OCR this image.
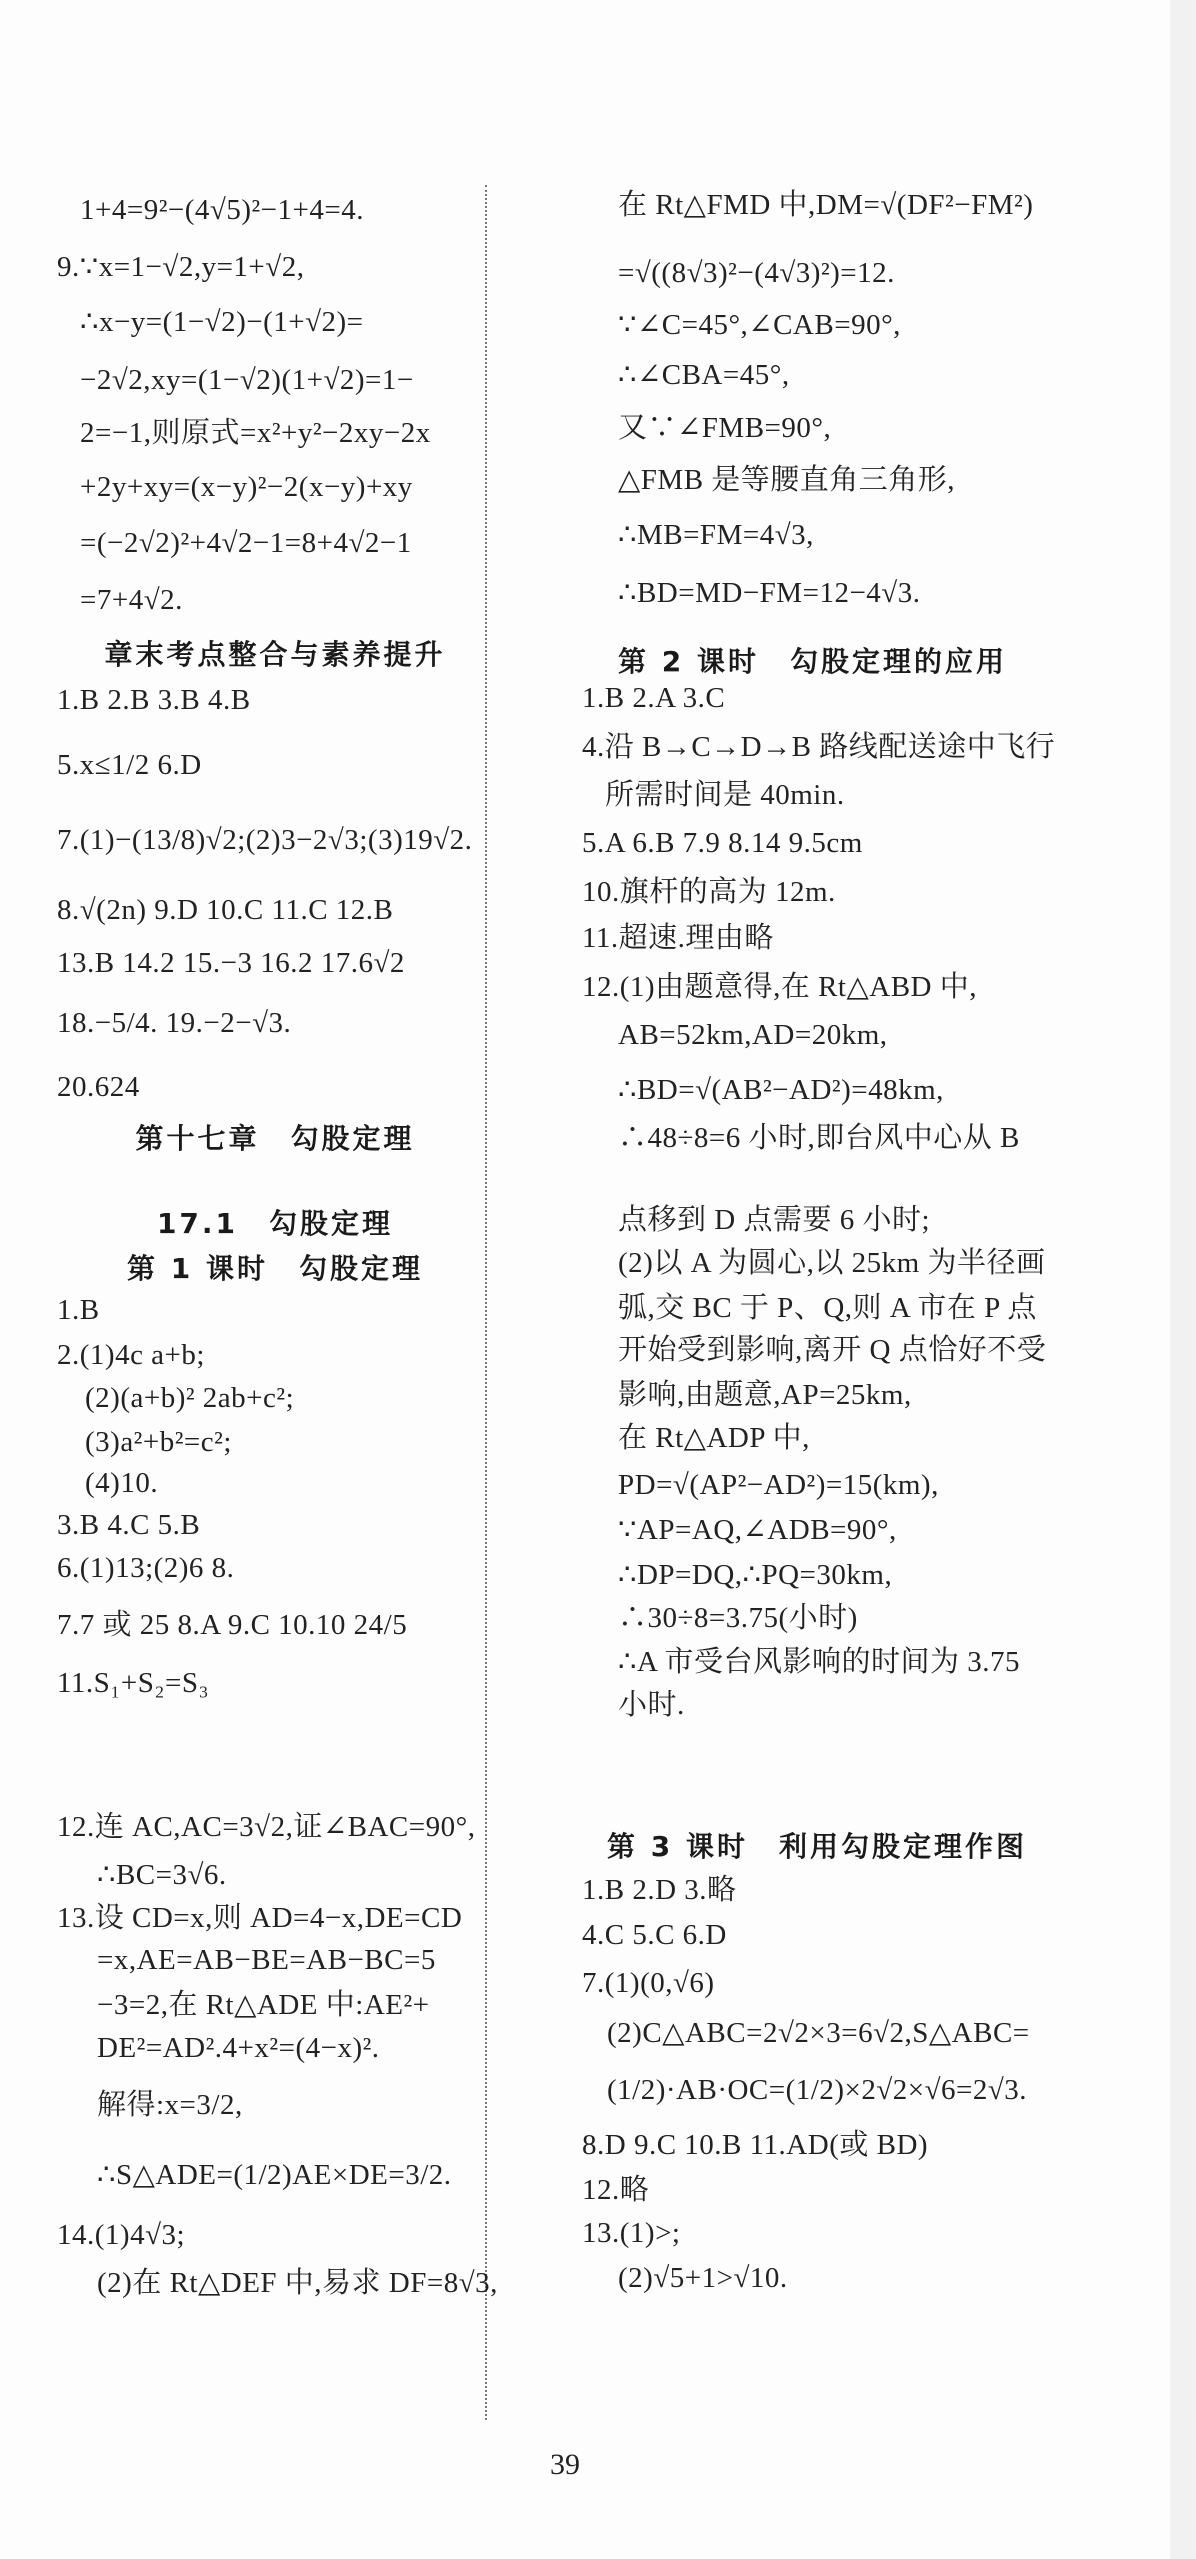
1+4=9²−(4√5)²−1+4=4.
9.∵x=1−√2,y=1+√2,
∴x−y=(1−√2)−(1+√2)=
−2√2,xy=(1−√2)(1+√2)=1−
2=−1,则原式=x²+y²−2xy−2x
+2y+xy=(x−y)²−2(x−y)+xy
=(−2√2)²+4√2−1=8+4√2−1
=7+4√2.
章末考点整合与素养提升
1.B 2.B 3.B 4.B
5.x≤1/2 6.D
7.(1)−(13/8)√2;(2)3−2√3;(3)19√2.
8.√(2n) 9.D 10.C 11.C 12.B
13.B 14.2 15.−3 16.2 17.6√2
18.−5/4. 19.−2−√3.
20.624
第十七章　勾股定理
17.1　勾股定理
第 1 课时　勾股定理
1.B
2.(1)4c a+b;
(2)(a+b)² 2ab+c²;
(3)a²+b²=c²;
(4)10.
3.B 4.C 5.B
6.(1)13;(2)6 8.
7.7 或 25 8.A 9.C 10.10 24/5
11.S₁+S₂=S₃
12.连 AC,AC=3√2,证∠BAC=90°,
∴BC=3√6.
13.设 CD=x,则 AD=4−x,DE=CD
=x,AE=AB−BE=AB−BC=5
−3=2,在 Rt△ADE 中:AE²+
DE²=AD².4+x²=(4−x)².
解得:x=3/2,
∴S△ADE=(1/2)AE×DE=3/2.
14.(1)4√3;
(2)在 Rt△DEF 中,易求 DF=8√3,
在 Rt△FMD 中,DM=√(DF²−FM²)
=√((8√3)²−(4√3)²)=12.
∵∠C=45°,∠CAB=90°,
∴∠CBA=45°,
又∵∠FMB=90°,
△FMB 是等腰直角三角形,
∴MB=FM=4√3,
∴BD=MD−FM=12−4√3.
第 2 课时　勾股定理的应用
1.B 2.A 3.C
4.沿 B→C→D→B 路线配送途中飞行
所需时间是 40min.
5.A 6.B 7.9 8.14 9.5cm
10.旗杆的高为 12m.
11.超速.理由略
12.(1)由题意得,在 Rt△ABD 中,
AB=52km,AD=20km,
∴BD=√(AB²−AD²)=48km,
∴48÷8=6 小时,即台风中心从 B
点移到 D 点需要 6 小时;
(2)以 A 为圆心,以 25km 为半径画
弧,交 BC 于 P、Q,则 A 市在 P 点
开始受到影响,离开 Q 点恰好不受
影响,由题意,AP=25km,
在 Rt△ADP 中,
PD=√(AP²−AD²)=15(km),
∵AP=AQ,∠ADB=90°,
∴DP=DQ,∴PQ=30km,
∴30÷8=3.75(小时)
∴A 市受台风影响的时间为 3.75
小时.
第 3 课时　利用勾股定理作图
1.B 2.D 3.略
4.C 5.C 6.D
7.(1)(0,√6)
(2)C△ABC=2√2×3=6√2,S△ABC=
(1/2)·AB·OC=(1/2)×2√2×√6=2√3.
8.D 9.C 10.B 11.AD(或 BD)
12.略
13.(1)>;
(2)√5+1>√10.
39
